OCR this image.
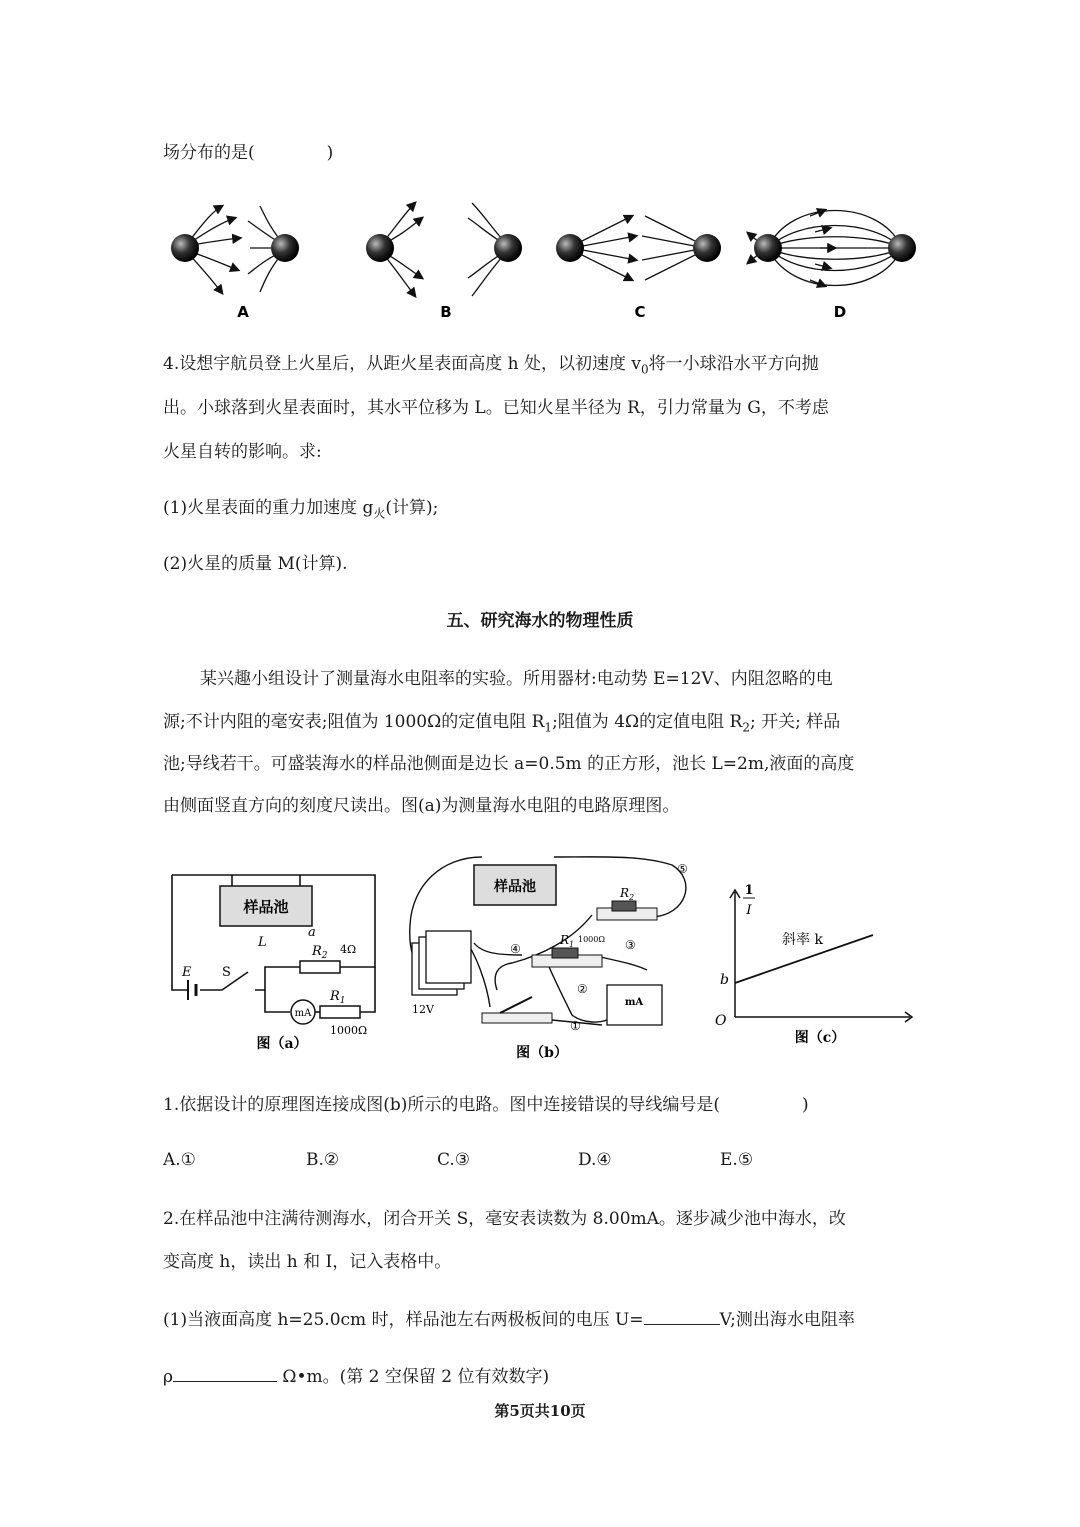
场分布的是(	)
A	B	C	D
4.设想宇航员登上火星后，从距火星表面高度 h 处，以初速度 $v_0$将一小球沿水平方向抛
出。小球落到火星表面时，其水平位移为 L。已知火星半径为 R，引力常量为 G，不考虑
火星自转的影响。求:
(1)火星表面的重力加速度 $g_火$(计算);
(2)火星的质量 M(计算).
五、研究海水的物理性质
某兴趣小组设计了测量海水电阻率的实验。所用器材:电动势 E=12V、内阻忽略的电
源;不计内阻的毫安表;阻值为 1000Ω的定值电阻 $R_1$;阻值为 4Ω的定值电阻 $R_2$; 开关; 样品
池;导线若干。可盛装海水的样品池侧面是边长 a=0.5m 的正方形，池长 L=2m,液面的高度
由侧面竖直方向的刻度尺读出。图(a)为测量海水电阻的电路原理图。
样品池
a
L
E S
$R_2$ 4Ω
mA
$R_1$
1000Ω
图（a）
样品池
12V
$R_2$
$R_1$
1000Ω
mA
⑤
④	③
②
①
图（b）
1
I
斜率 k
b
O
图（c）
1.依据设计的原理图连接成图(b)所示的电路。图中连接错误的导线编号是(	)
A.①	B.②	C.③	D.④	E.⑤
2.在样品池中注满待测海水，闭合开关 S，毫安表读数为 8.00mA。逐步减少池中海水，改
变高度 h，读出 h 和 I，记入表格中。
(1)当液面高度 h=25.0cm 时，样品池左右两极板间的电压 U=	V;测出海水电阻率
ρ	Ω•m。(第 2 空保留 2 位有效数字)
第5页共10页
